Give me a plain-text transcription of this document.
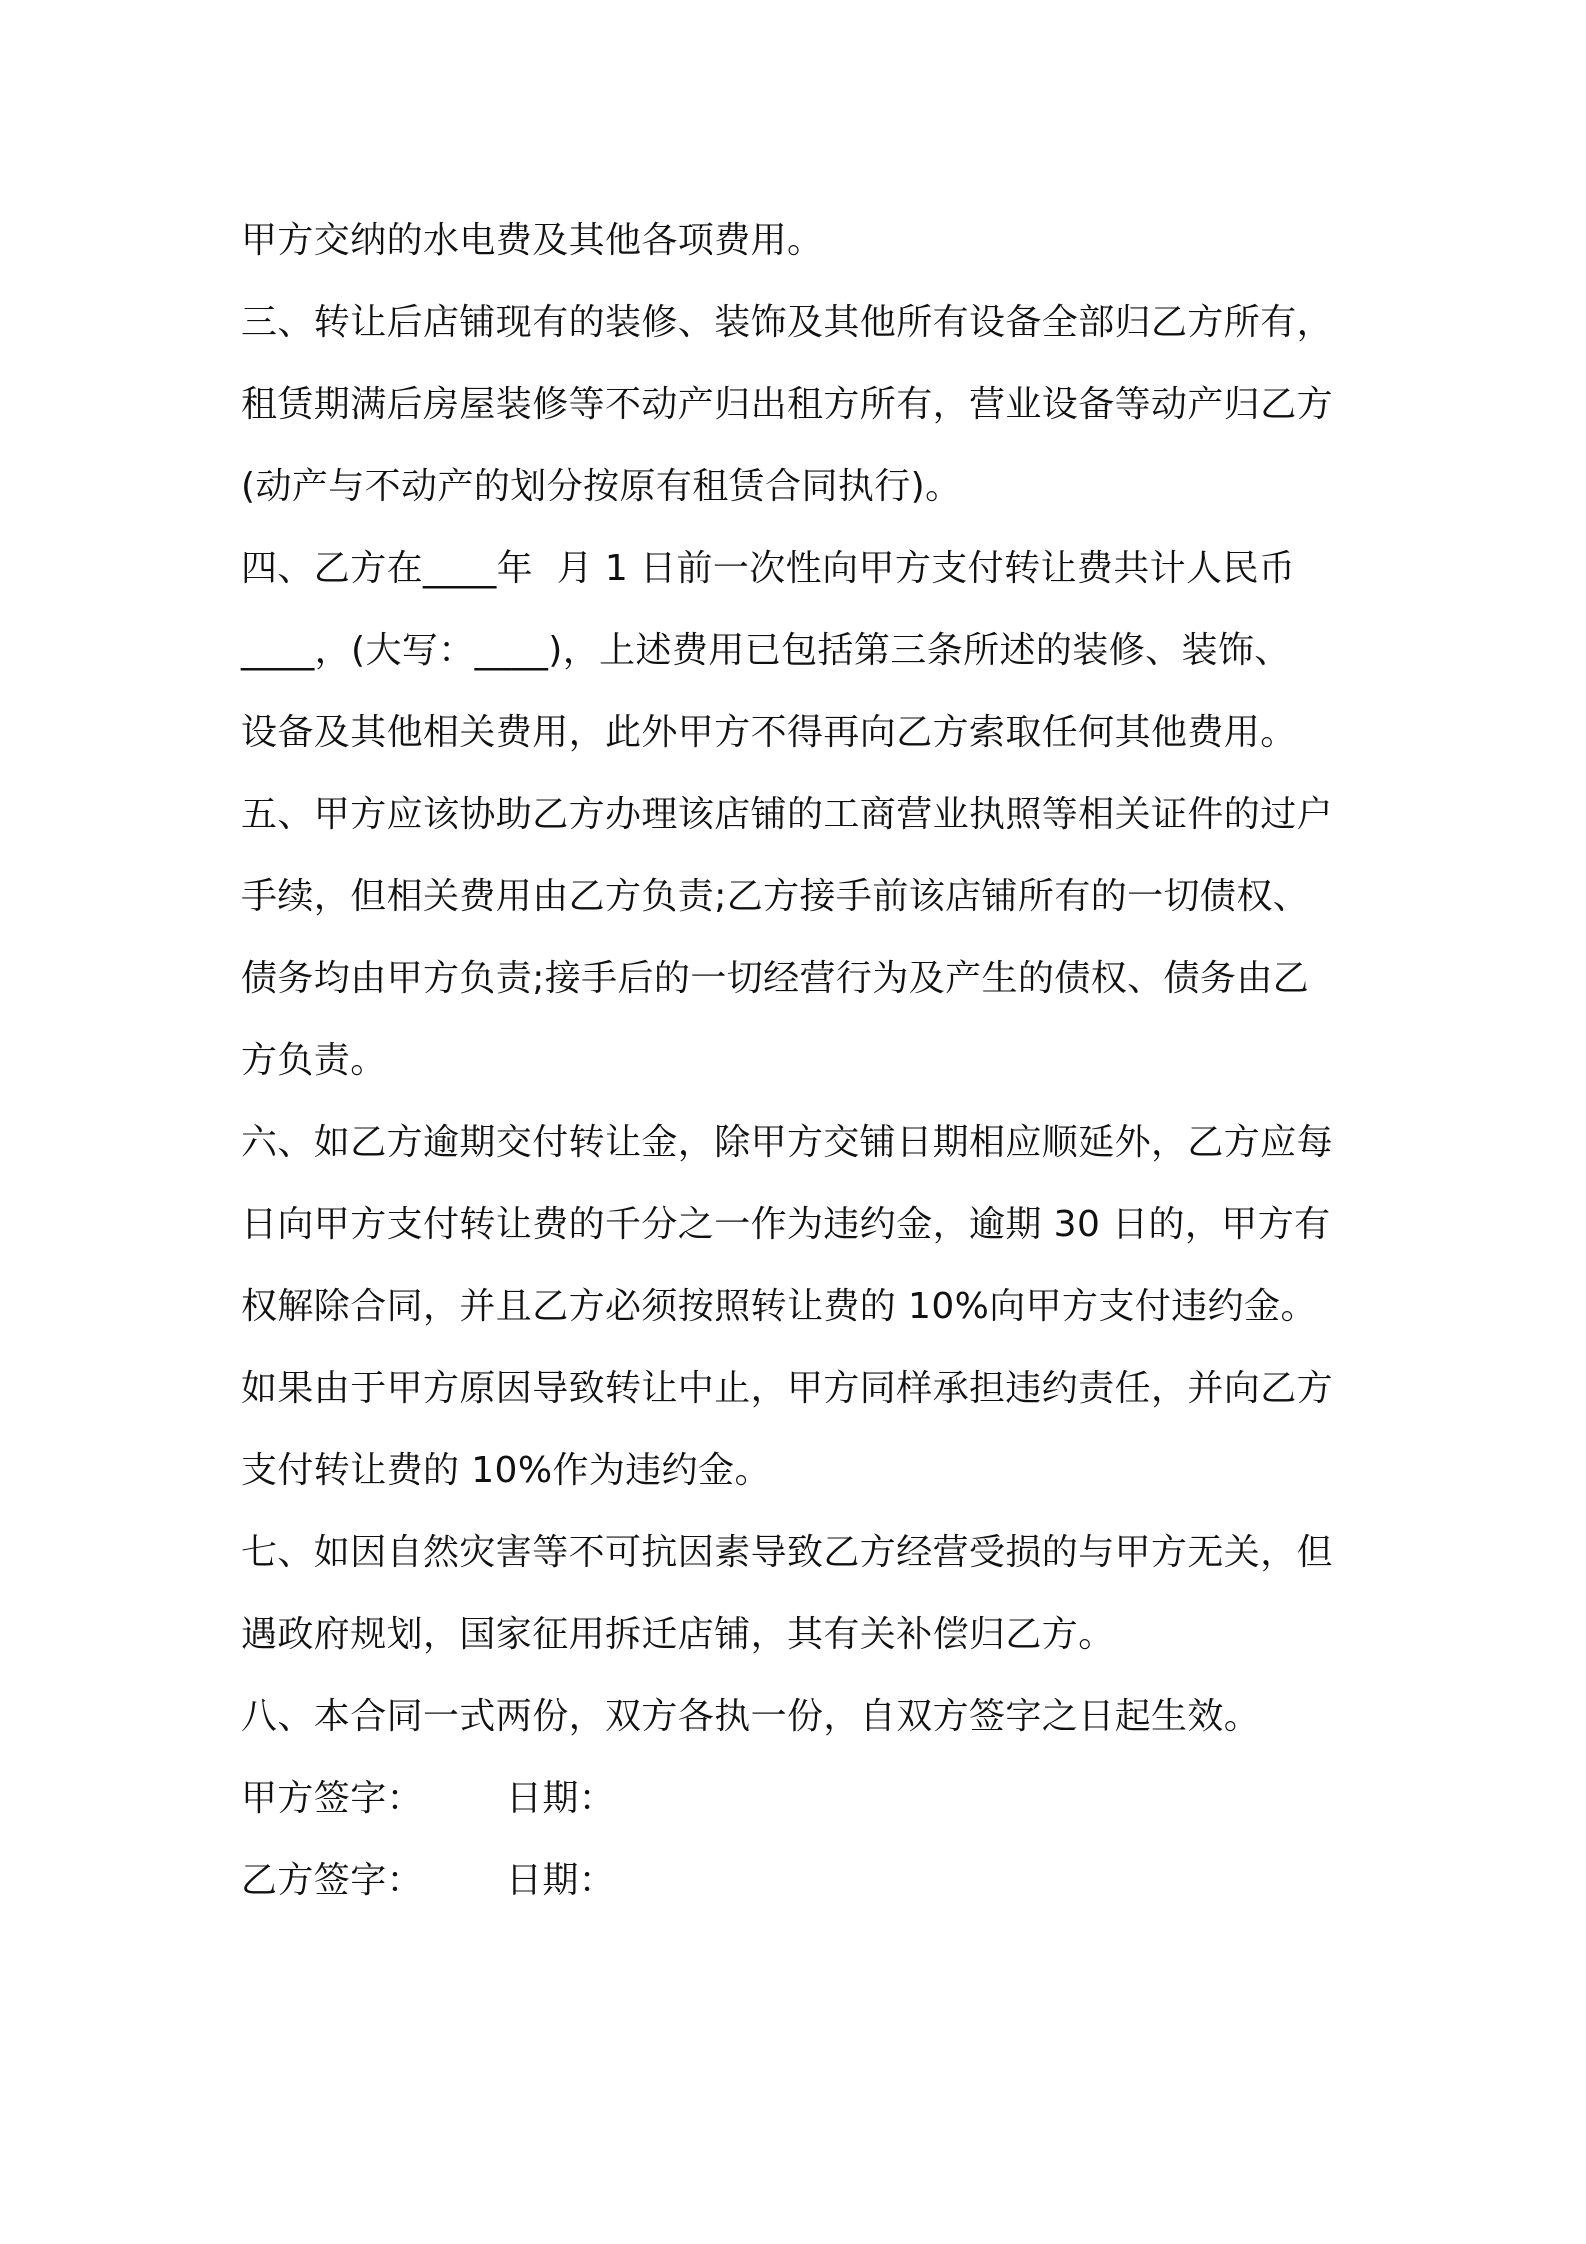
甲方交纳的水电费及其他各项费用。
三、转让后店铺现有的装修、装饰及其他所有设备全部归乙方所有，
租赁期满后房屋装修等不动产归出租方所有，营业设备等动产归乙方
(动产与不动产的划分按原有租赁合同执行)。
四、乙方在____年  月 1 日前一次性向甲方支付转让费共计人民币
____，(大写：____)，上述费用已包括第三条所述的装修、装饰、
设备及其他相关费用，此外甲方不得再向乙方索取任何其他费用。
五、甲方应该协助乙方办理该店铺的工商营业执照等相关证件的过户
手续，但相关费用由乙方负责;乙方接手前该店铺所有的一切债权、
债务均由甲方负责;接手后的一切经营行为及产生的债权、债务由乙
方负责。
六、如乙方逾期交付转让金，除甲方交铺日期相应顺延外，乙方应每
日向甲方支付转让费的千分之一作为违约金，逾期 30 日的，甲方有
权解除合同，并且乙方必须按照转让费的 10%向甲方支付违约金。
如果由于甲方原因导致转让中止，甲方同样承担违约责任，并向乙方
支付转让费的 10%作为违约金。
七、如因自然灾害等不可抗因素导致乙方经营受损的与甲方无关，但
遇政府规划，国家征用拆迁店铺，其有关补偿归乙方。
八、本合同一式两份，双方各执一份，自双方签字之日起生效。
甲方签字：	日期：
乙方签字：	日期：
